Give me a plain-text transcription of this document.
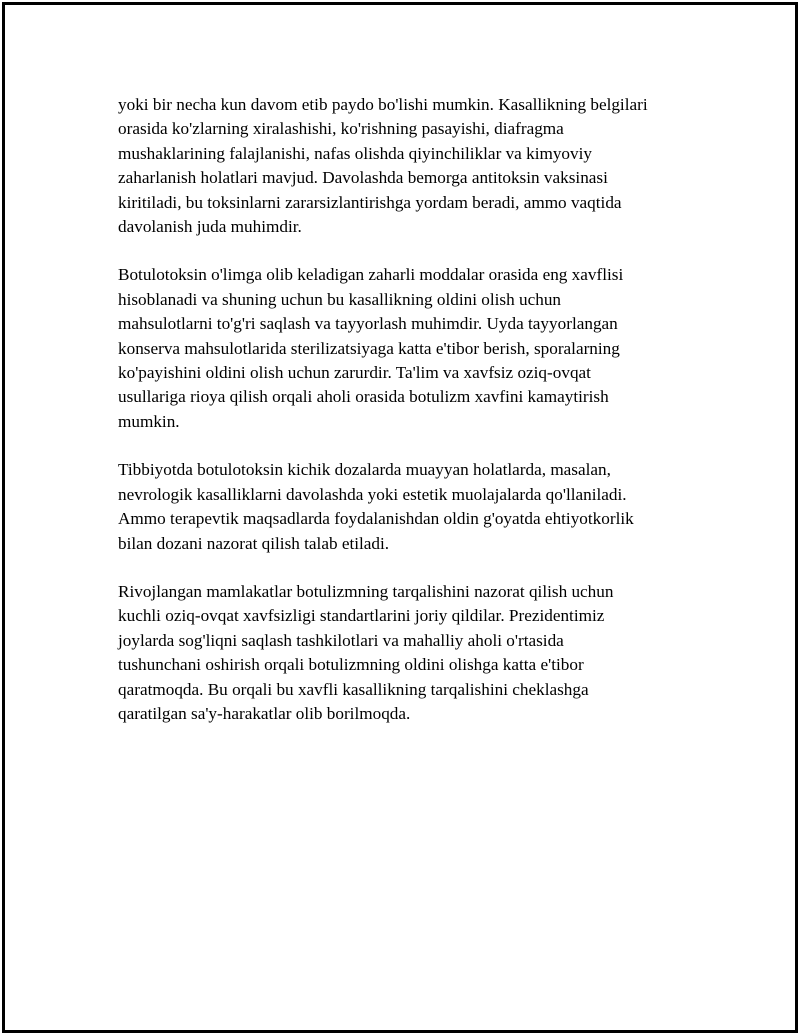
yoki bir necha kun davom etib paydo bo'lishi mumkin. Kasallikning belgilari
orasida ko'zlarning xiralashishi, ko'rishning pasayishi, diafragma
mushaklarining falajlanishi, nafas olishda qiyinchiliklar va kimyoviy
zaharlanish holatlari mavjud. Davolashda bemorga antitoksin vaksinasi
kiritiladi, bu toksinlarni zararsizlantirishga yordam beradi, ammo vaqtida
davolanish juda muhimdir.

Botulotoksin o'limga olib keladigan zaharli moddalar orasida eng xavflisi
hisoblanadi va shuning uchun bu kasallikning oldini olish uchun
mahsulotlarni to'g'ri saqlash va tayyorlash muhimdir. Uyda tayyorlangan
konserva mahsulotlarida sterilizatsiyaga katta e'tibor berish, sporalarning
ko'payishini oldini olish uchun zarurdir. Ta'lim va xavfsiz oziq-ovqat
usullariga rioya qilish orqali aholi orasida botulizm xavfini kamaytirish
mumkin.

Tibbiyotda botulotoksin kichik dozalarda muayyan holatlarda, masalan,
nevrologik kasalliklarni davolashda yoki estetik muolajalarda qo'llaniladi.
Ammo terapevtik maqsadlarda foydalanishdan oldin g'oyatda ehtiyotkorlik
bilan dozani nazorat qilish talab etiladi.

Rivojlangan mamlakatlar botulizmning tarqalishini nazorat qilish uchun
kuchli oziq-ovqat xavfsizligi standartlarini joriy qildilar. Prezidentimiz
joylarda sog'liqni saqlash tashkilotlari va mahalliy aholi o'rtasida
tushunchani oshirish orqali botulizmning oldini olishga katta e'tibor
qaratmoqda. Bu orqali bu xavfli kasallikning tarqalishini cheklashga
qaratilgan sa'y-harakatlar olib borilmoqda.
